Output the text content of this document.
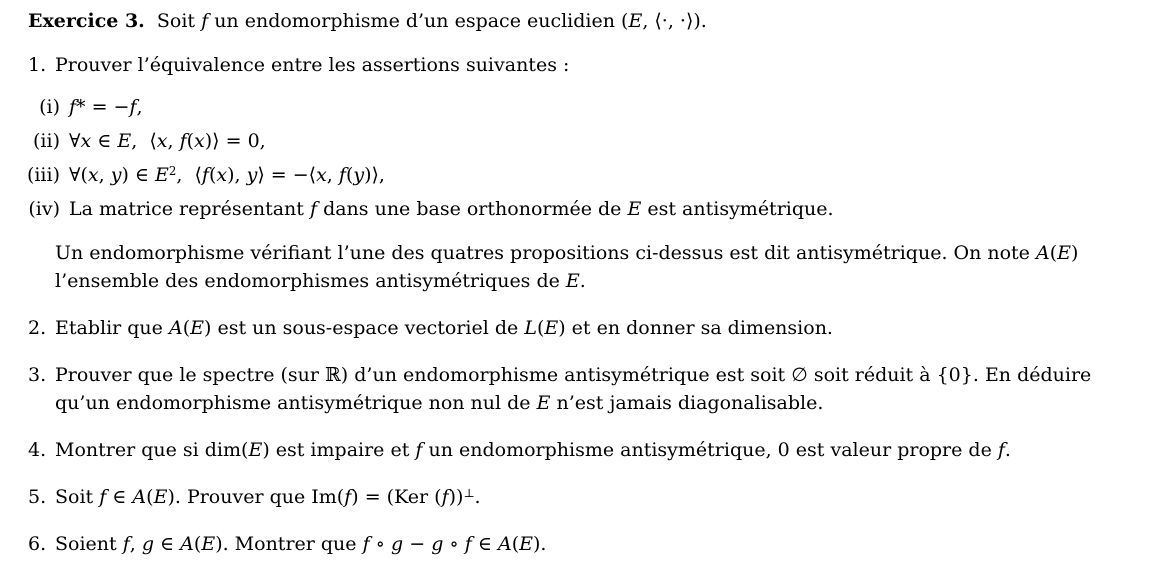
Exercice 3.  Soit f un endomorphisme d’un espace euclidien (E, ⟨·, ·⟩).

1. Prouver l’équivalence entre les assertions suivantes :

(i) f* = −f,

(ii) ∀x ∈ E,  ⟨x, f(x)⟩ = 0,

(iii) ∀(x, y) ∈ $E^2$,  ⟨f(x), y⟩ = −⟨x, f(y)⟩,

(iv) La matrice représentant f dans une base orthonormée de E est antisymétrique.

Un endomorphisme vérifiant l’une des quatres propositions ci-dessus est dit antisymétrique. On note A(E)

l’ensemble des endomorphismes antisymétriques de E.

2. Etablir que A(E) est un sous-espace vectoriel de L(E) et en donner sa dimension.

3. Prouver que le spectre (sur ℝ) d’un endomorphisme antisymétrique est soit ∅ soit réduit à {0}. En déduire

qu’un endomorphisme antisymétrique non nul de E n’est jamais diagonalisable.

4. Montrer que si dim(E) est impaire et f un endomorphisme antisymétrique, 0 est valeur propre de f.

5. Soit f ∈ A(E). Prouver que Im(f) = (Ker (f))⊥.

6. Soient f, g ∈ A(E). Montrer que f ∘ g − g ∘ f ∈ A(E).
